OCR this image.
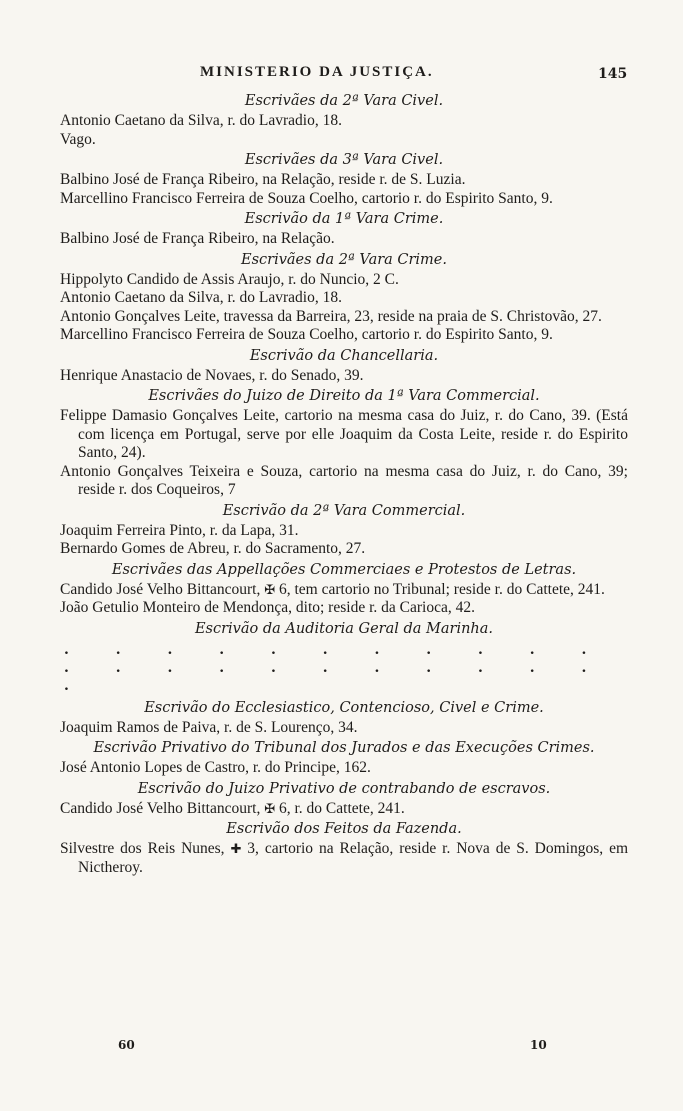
MINISTERIO DA JUSTIÇA.	145
Escrivães da 2ª Vara Civel.

Antonio Caetano da Silva, r. do Lavradio, 18.

Vago.

Escrivães da 3ª Vara Civel.

Balbino José de França Ribeiro, na Relação, reside r. de S. Luzia.

Marcellino Francisco Ferreira de Souza Coelho, cartorio r. do Espirito Santo, 9.

Escrivão da 1ª Vara Crime.

Balbino José de França Ribeiro, na Relação.

Escrivães da 2ª Vara Crime.

Hippolyto Candido de Assis Araujo, r. do Nuncio, 2 C.

Antonio Caetano da Silva, r. do Lavradio, 18.

Antonio Gonçalves Leite, travessa da Barreira, 23, reside na praia de S. Christovão, 27.

Marcellino Francisco Ferreira de Souza Coelho, cartorio r. do Espirito Santo, 9.

Escrivão da Chancellaria.

Henrique Anastacio de Novaes, r. do Senado, 39.

Escrivães do Juizo de Direito da 1ª Vara Commercial.

Felippe Damasio Gonçalves Leite, cartorio na mesma casa do Juiz, r. do Cano, 39. (Está com licença em Portugal, serve por elle Joaquim da Costa Leite, reside r. do Espirito Santo, 24).

Antonio Gonçalves Teixeira e Souza, cartorio na mesma casa do Juiz, r. do Cano, 39; reside r. dos Coqueiros, 7

Escrivão da 2ª Vara Commercial.

Joaquim Ferreira Pinto, r. da Lapa, 31.

Bernardo Gomes de Abreu, r. do Sacramento, 27.

Escrivães das Appellações Commerciaes e Protestos de Letras.

Candido José Velho Bittancourt, ✠ 6, tem cartorio no Tribunal; reside r. do Cattete, 241.

João Getulio Monteiro de Mendonça, dito; reside r. da Carioca, 42.

Escrivão da Auditoria Geral da Marinha.
. . . . . . . . . . . . . . . . . . . . . . .
Escrivão do Ecclesiastico, Contencioso, Civel e Crime.

Joaquim Ramos de Paiva, r. de S. Lourenço, 34.

Escrivão Privativo do Tribunal dos Jurados e das Execuções Crimes.

José Antonio Lopes de Castro, r. do Principe, 162.

Escrivão do Juizo Privativo de contrabando de escravos.

Candido José Velho Bittancourt, ✠ 6, r. do Cattete, 241.

Escrivão dos Feitos da Fazenda.

Silvestre dos Reis Nunes, ✚ 3, cartorio na Relação, reside r. Nova de S. Domingos, em Nictheroy.

60	10
